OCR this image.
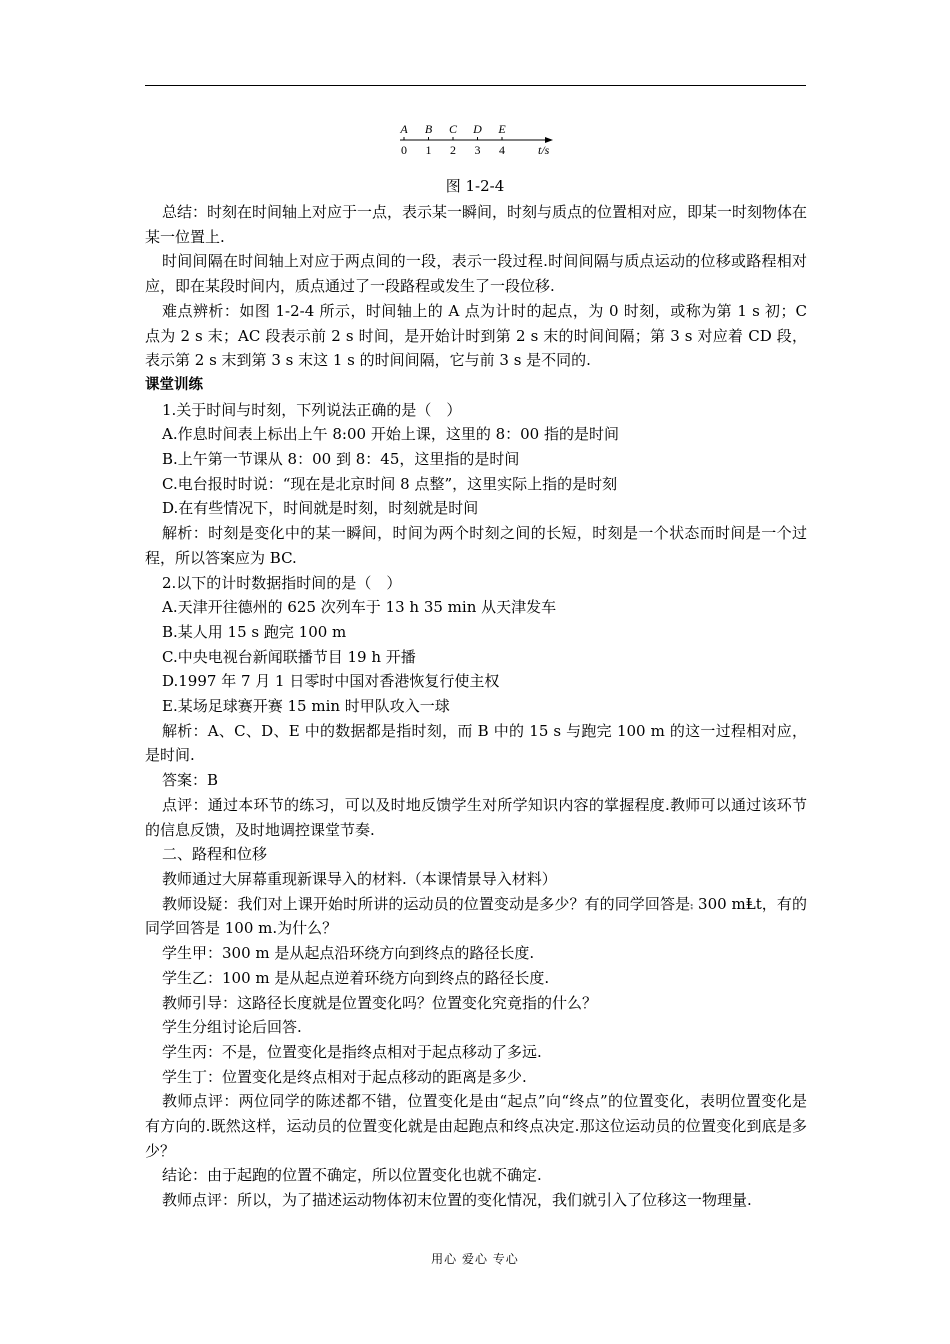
0
A
1
B
2
C
3
D
4
E
t/s
图 1-2-4

总结：时刻在时间轴上对应于一点，表示某一瞬间，时刻与质点的位置相对应，即某一时刻物体在某一位置上.

时间间隔在时间轴上对应于两点间的一段，表示一段过程.时间间隔与质点运动的位移或路程相对应，即在某段时间内，质点通过了一段路程或发生了一段位移.

难点辨析：如图 1-2-4 所示，时间轴上的 A 点为计时的起点，为 0 时刻，或称为第 1 s 初；C 点为 2 s 末；AC 段表示前 2 s 时间，是开始计时到第 2 s 末的时间间隔；第 3 s 对应着 CD 段，表示第 2 s 末到第 3 s 末这 1 s 的时间间隔，它与前 3 s 是不同的.

课堂训练

1.关于时间与时刻，下列说法正确的是（　）

A.作息时间表上标出上午 8:00 开始上课，这里的 8：00 指的是时间

B.上午第一节课从 8：00 到 8：45，这里指的是时间

C.电台报时时说：“现在是北京时间 8 点整”，这里实际上指的是时刻

D.在有些情况下，时间就是时刻，时刻就是时间

解析：时刻是变化中的某一瞬间，时间为两个时刻之间的长短，时刻是一个状态而时间是一个过程，所以答案应为 BC.

2.以下的计时数据指时间的是（　）

A.天津开往德州的 625 次列车于 13 h 35 min 从天津发车

B.某人用 15 s 跑完 100 m

C.中央电视台新闻联播节目 19 h 开播

D.1997 年 7 月 1 日零时中国对香港恢复行使主权

E.某场足球赛开赛 15 min 时甲队攻入一球

解析：A、C、D、E 中的数据都是指时刻，而 B 中的 15 s 与跑完 100 m 的这一过程相对应，是时间.

答案：B

点评：通过本环节的练习，可以及时地反馈学生对所学知识内容的掌握程度.教师可以通过该环节的信息反馈，及时地调控课堂节奏.

二、路程和位移

教师通过大屏幕重现新课导入的材料.（本课情景导入材料）

教师设疑：我们对上课开始时所讲的运动员的位置变动是多少？有的同学回答是⨾ 300 mⱠt，有的同学回答是 100 m.为什么？

学生甲：300 m 是从起点沿环绕方向到终点的路径长度.

学生乙：100 m 是从起点逆着环绕方向到终点的路径长度.

教师引导：这路径长度就是位置变化吗？位置变化究竟指的什么？

学生分组讨论后回答.

学生丙：不是，位置变化是指终点相对于起点移动了多远.

学生丁：位置变化是终点相对于起点移动的距离是多少.

教师点评：两位同学的陈述都不错，位置变化是由“起点”向“终点”的位置变化，表明位置变化是有方向的.既然这样，运动员的位置变化就是由起跑点和终点决定.那这位运动员的位置变化到底是多少？

结论：由于起跑的位置不确定，所以位置变化也就不确定.

教师点评：所以，为了描述运动物体初末位置的变化情况，我们就引入了位移这一物理量.

用心 爱心 专心
